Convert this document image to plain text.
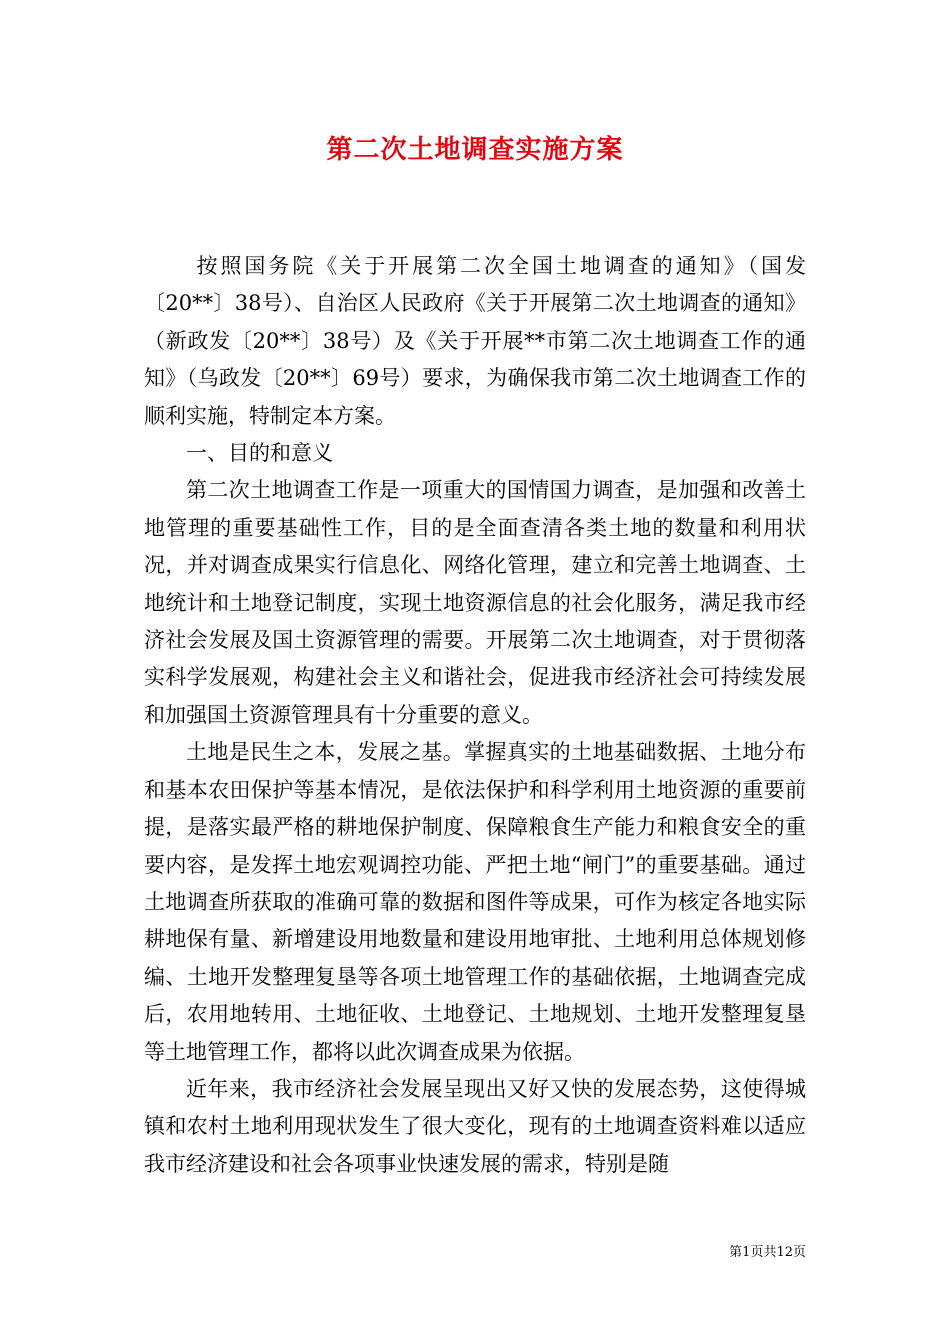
第二次土地调查实施方案

按照国务院《关于开展第二次全国土地调查的通知》（国发〔20**〕38号）、自治区人民政府《关于开展第二次土地调查的通知》（新政发〔20**〕38号）及《关于开展**市第二次土地调查工作的通知》（乌政发〔20**〕69号）要求，为确保我市第二次土地调查工作的顺利实施，特制定本方案。

一、目的和意义

第二次土地调查工作是一项重大的国情国力调查，是加强和改善土地管理的重要基础性工作，目的是全面查清各类土地的数量和利用状况，并对调查成果实行信息化、网络化管理，建立和完善土地调查、土地统计和土地登记制度，实现土地资源信息的社会化服务，满足我市经济社会发展及国土资源管理的需要。开展第二次土地调查，对于贯彻落实科学发展观，构建社会主义和谐社会，促进我市经济社会可持续发展和加强国土资源管理具有十分重要的意义。

土地是民生之本，发展之基。掌握真实的土地基础数据、土地分布和基本农田保护等基本情况，是依法保护和科学利用土地资源的重要前提，是落实最严格的耕地保护制度、保障粮食生产能力和粮食安全的重要内容，是发挥土地宏观调控功能、严把土地“闸门”的重要基础。通过土地调查所获取的准确可靠的数据和图件等成果，可作为核定各地实际耕地保有量、新增建设用地数量和建设用地审批、土地利用总体规划修编、土地开发整理复垦等各项土地管理工作的基础依据，土地调查完成后，农用地转用、土地征收、土地登记、土地规划、土地开发整理复垦等土地管理工作，都将以此次调查成果为依据。

近年来，我市经济社会发展呈现出又好又快的发展态势，这使得城镇和农村土地利用现状发生了很大变化，现有的土地调查资料难以适应我市经济建设和社会各项事业快速发展的需求，特别是随

第1页共12页
